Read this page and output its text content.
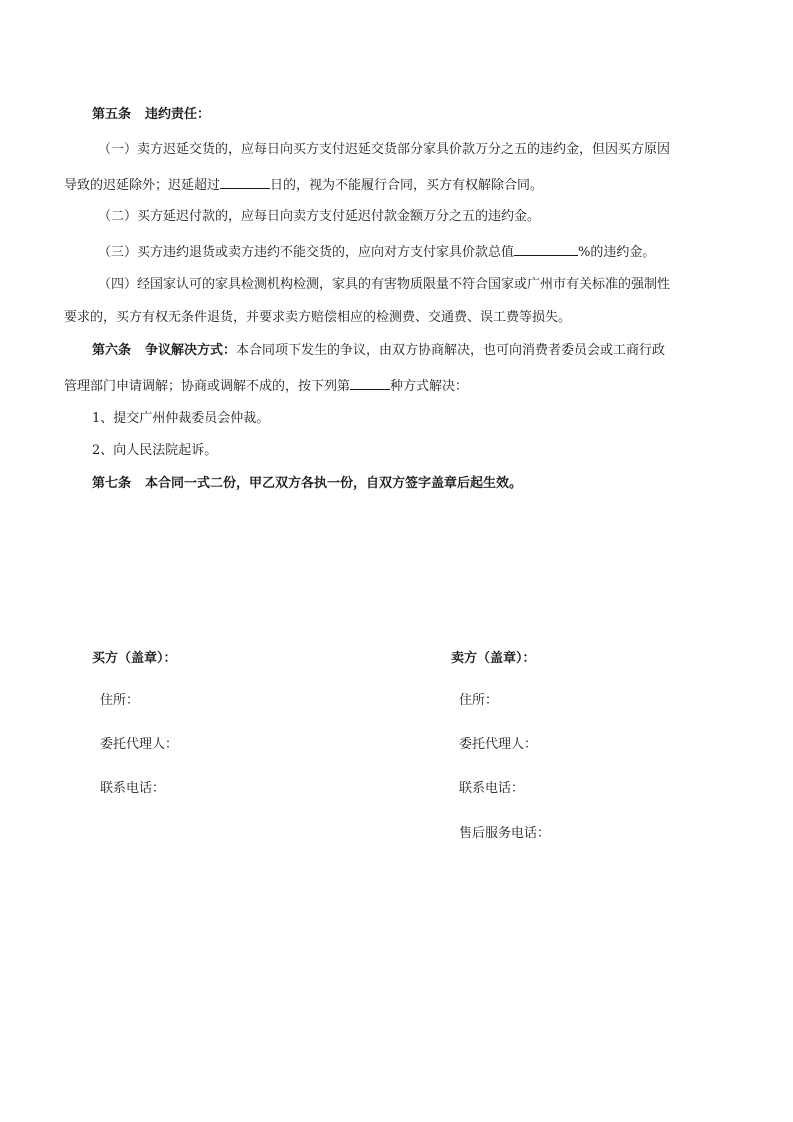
第五条 违约责任：
（一）卖方迟延交货的，应每日向买方支付迟延交货部分家具价款万分之五的违约金，但因买方原因
导致的迟延除外；迟延超过	日的，视为不能履行合同，买方有权解除合同。
（二）买方延迟付款的，应每日向卖方支付延迟付款金额万分之五的违约金。
（三）买方违约退货或卖方违约不能交货的，应向对方支付家具价款总值	%的违约金。
（四）经国家认可的家具检测机构检测，家具的有害物质限量不符合国家或广州市有关标准的强制性
要求的，买方有权无条件退货，并要求卖方赔偿相应的检测费、交通费、误工费等损失。
第六条 争议解决方式：本合同项下发生的争议，由双方协商解决，也可向消费者委员会或工商行政
管理部门申请调解；协商或调解不成的，按下列第	种方式解决：
1、提交广州仲裁委员会仲裁。
2、向人民法院起诉。
第七条 本合同一式二份，甲乙双方各执一份，自双方签字盖章后起生效。
买方（盖章）：
住所：
委托代理人：
联系电话：
卖方（盖章）：
住所：
委托代理人：
联系电话：
售后服务电话：
